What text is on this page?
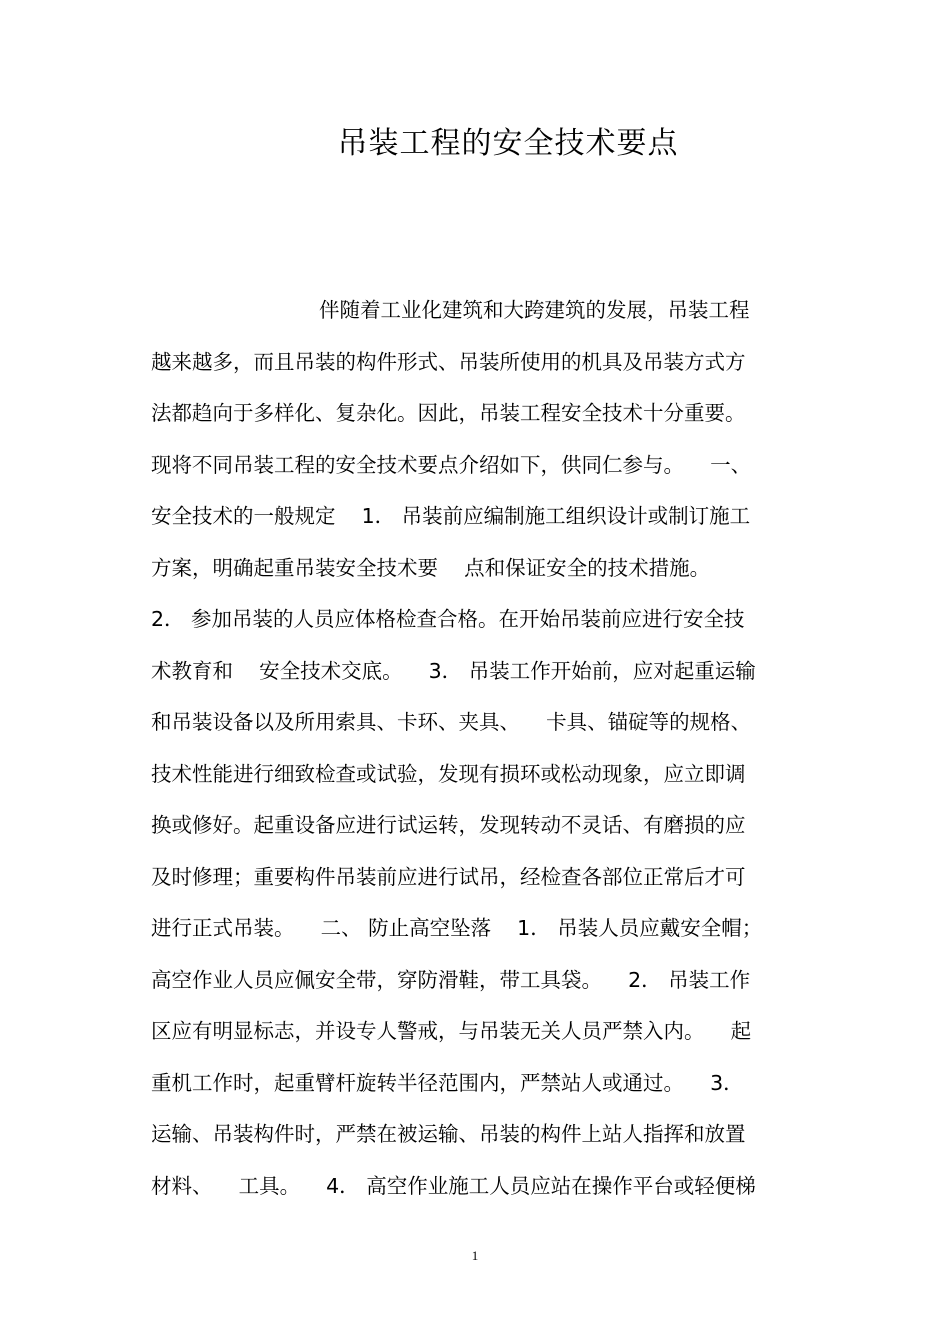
吊装工程的安全技术要点
伴随着工业化建筑和大跨建筑的发展，吊装工程
越来越多，而且吊装的构件形式、吊装所使用的机具及吊装方式方
法都趋向于多样化、复杂化。因此，吊装工程安全技术十分重要。
现将不同吊装工程的安全技术要点介绍如下，供同仁参与。    一、
安全技术的一般规定    1． 吊装前应编制施工组织设计或制订施工
方案，明确起重吊装安全技术要    点和保证安全的技术措施。
2． 参加吊装的人员应体格检查合格。在开始吊装前应进行安全技
术教育和    安全技术交底。    3． 吊装工作开始前，应对起重运输
和吊装设备以及所用索具、卡环、夹具、    卡具、锚碇等的规格、
技术性能进行细致检查或试验，发现有损环或松动现象，应立即调
换或修好。起重设备应进行试运转，发现转动不灵话、有磨损的应
及时修理；重要构件吊装前应进行试吊，经检查各部位正常后才可
进行正式吊装。    二、 防止高空坠落    1． 吊装人员应戴安全帽；
高空作业人员应佩安全带，穿防滑鞋，带工具袋。    2． 吊装工作
区应有明显标志，并设专人警戒，与吊装无关人员严禁入内。    起
重机工作时，起重臂杆旋转半径范围内，严禁站人或通过。    3．
运输、吊装构件时，严禁在被运输、吊装的构件上站人指挥和放置
材料、    工具。    4． 高空作业施工人员应站在操作平台或轻便梯
1
